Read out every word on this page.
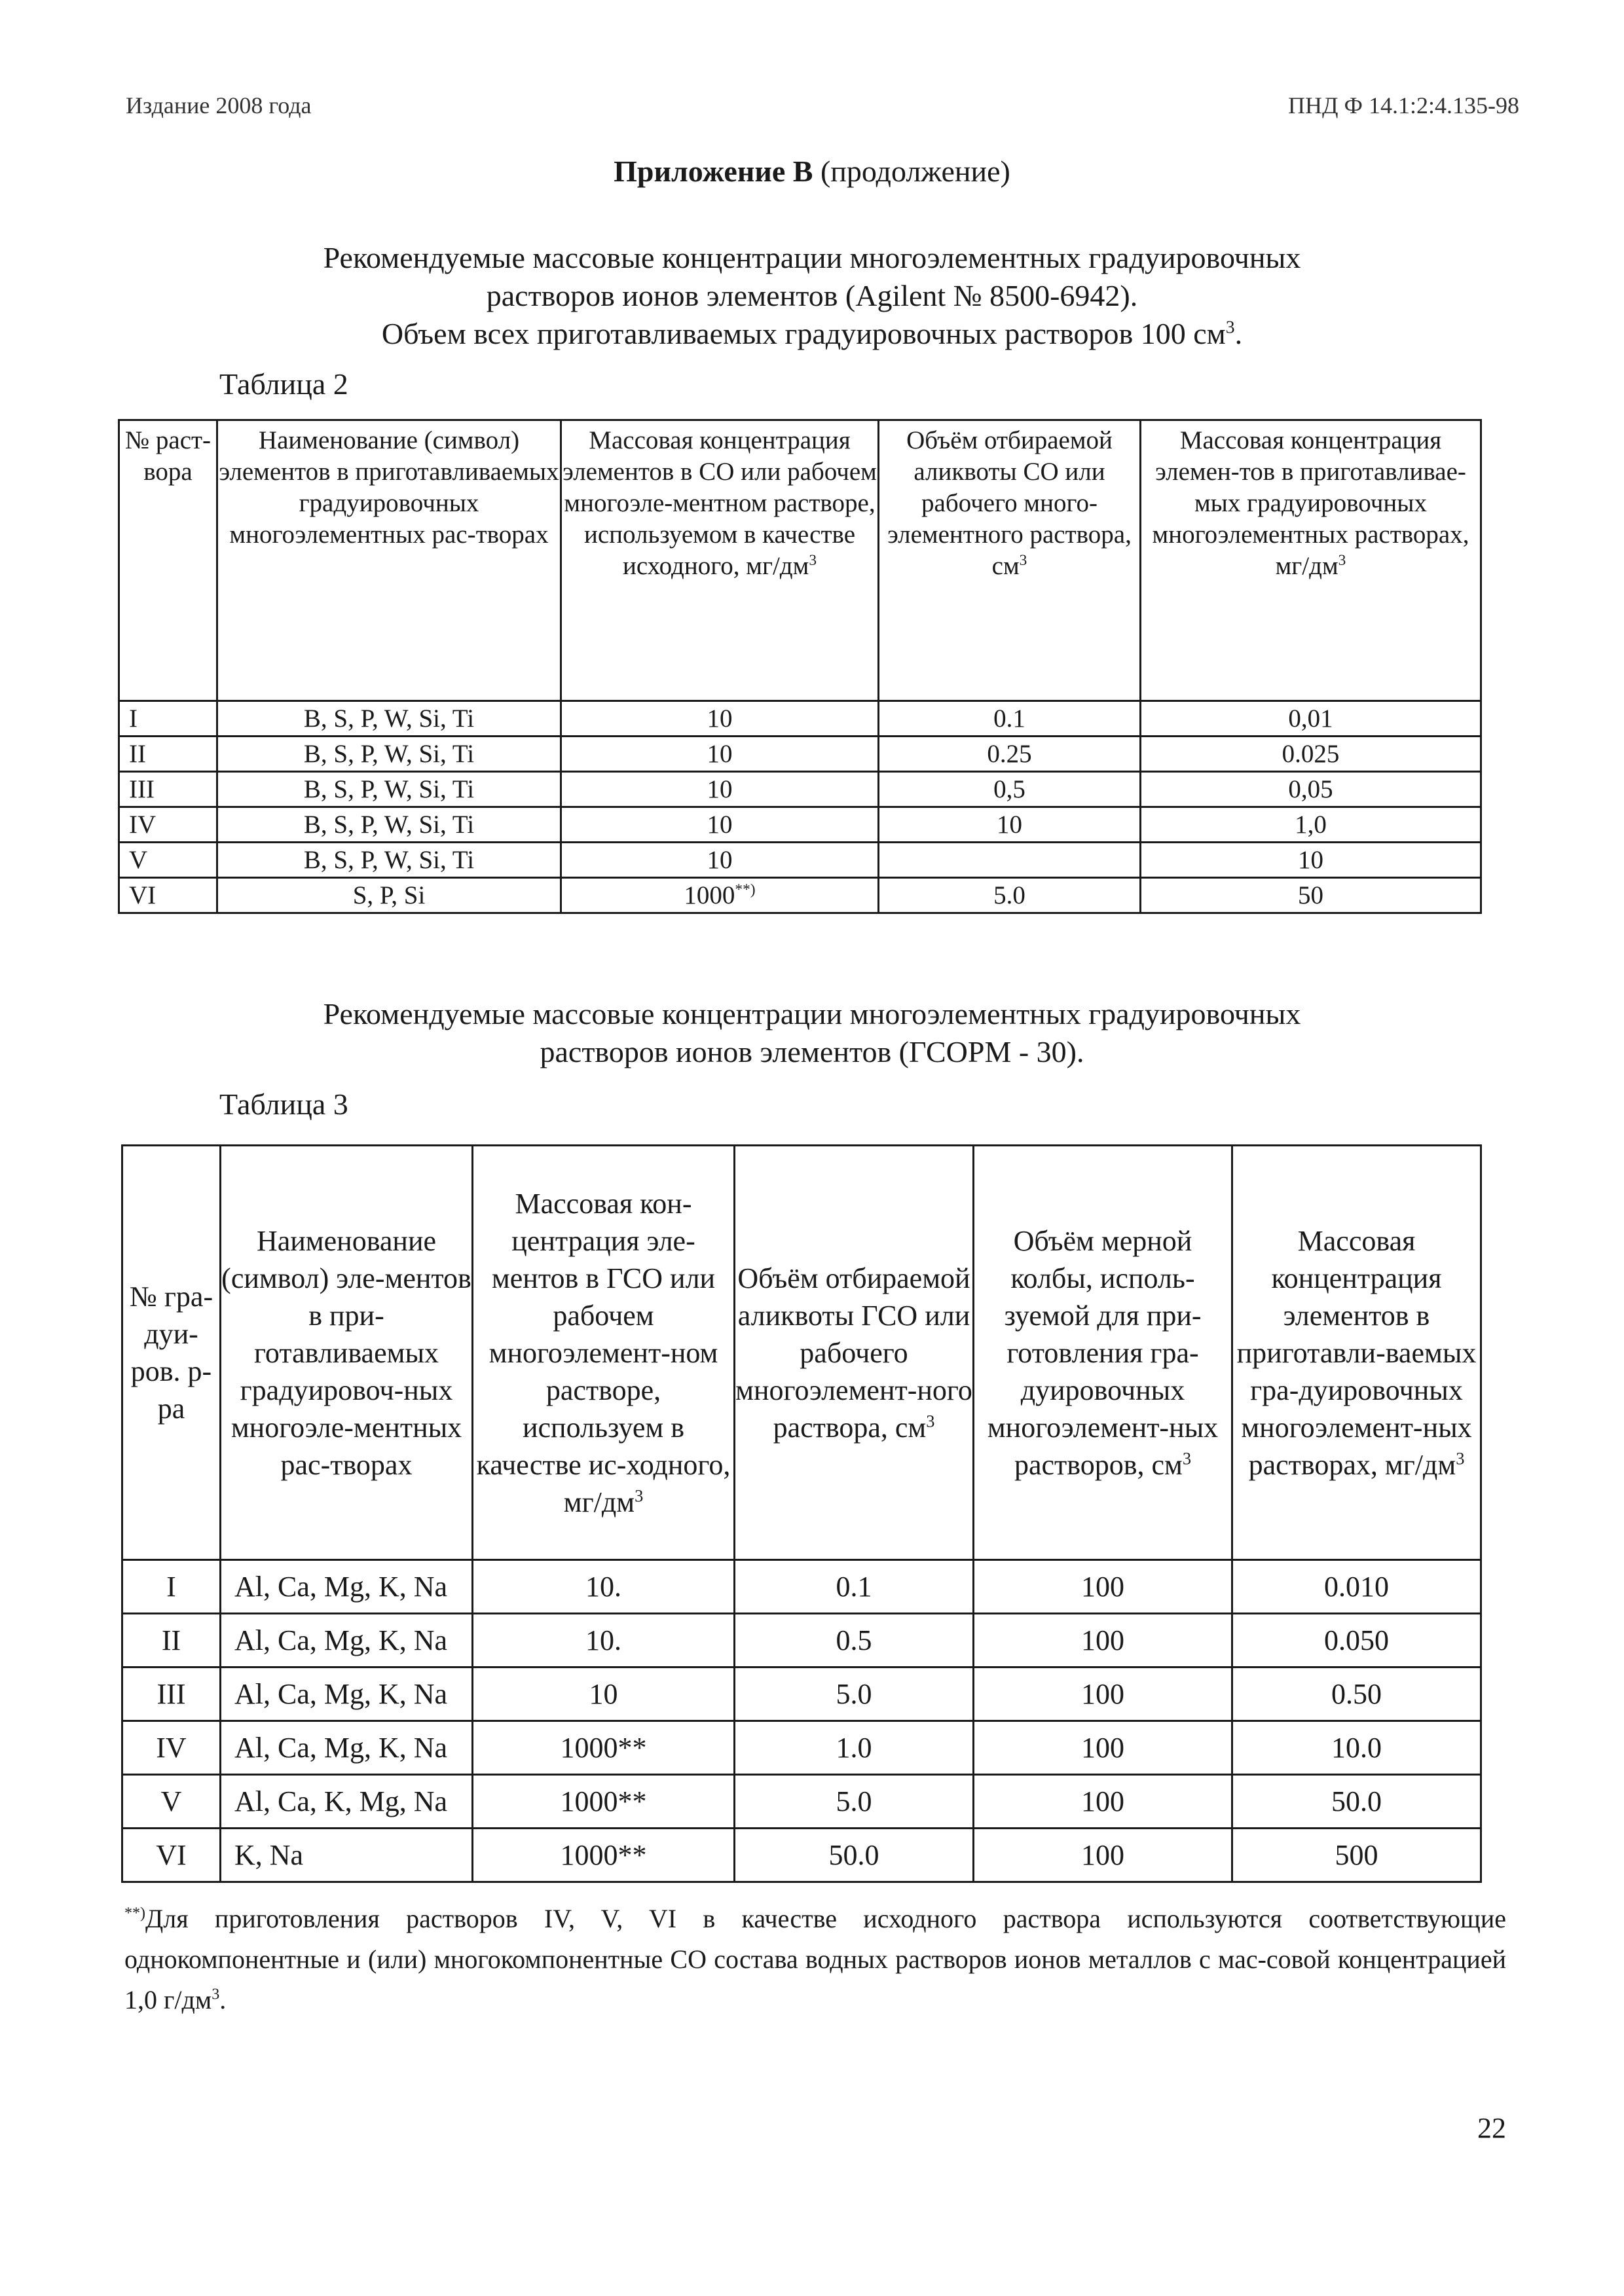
Издание 2008 года	ПНД Ф 14.1:2:4.135-98
Приложение В (продолжение)
Рекомендуемые массовые концентрации многоэлементных градуировочных
растворов ионов элементов (Agilent № 8500-6942).
Объем всех приготавливаемых градуировочных растворов 100 $см^3$.
Таблица 2
№ раст-вора	Наименование (символ) элементов в приготавливаемых градуировочных многоэлементных рас-творах	Массовая концентрация элементов в СО или рабочем многоэле-ментном растворе, используемом в качестве исходного, $мг/дм^3$	Объём отбираемой аликвоты СО или рабочего много-элементного раствора, $см^3$	Массовая концентрация элемен-тов в приготавливае-мых градуировочных многоэлементных растворах, $мг/дм^3$
I	B, S, P, W, Si, Ti	10	0.1	0,01
II	B, S, P, W, Si, Ti	10	0.25	0.025
III	B, S, P, W, Si, Ti	10	0,5	0,05
IV	B, S, P, W, Si, Ti	10	10	1,0
V	B, S, P, W, Si, Ti	10		10
VI	S, P, Si	1000**)	5.0	50
Рекомендуемые массовые концентрации многоэлементных градуировочных
растворов ионов элементов (ГСОРМ - 30).
Таблица 3
№ гра-дуи-ров. р-ра	Наименование (символ) эле-ментов в при-готавливаемых градуировоч-ных многоэле-ментных рас-творах	Массовая кон-центрация эле-ментов в ГСО или рабочем многоэлемент-ном растворе, используем в качестве ис-ходного, $мг/дм^3$	Объём отбираемой аликвоты ГСО или рабочего многоэлемент-ного раствора, $см^3$	Объём мерной колбы, исполь-зуемой для при-готовления гра-дуировочных многоэлемент-ных растворов, $см^3$	Массовая концентрация элементов в приготавли-ваемых гра-дуировочных многоэлемент-ных растворах, $мг/дм^3$
I	Al, Ca, Mg, K, Na	10.	0.1	100	0.010
II	Al, Ca, Mg, K, Na	10.	0.5	100	0.050
III	Al, Ca, Mg, K, Na	10	5.0	100	0.50
IV	Al, Ca, Mg, K, Na	1000**	1.0	100	10.0
V	Al, Ca, K, Mg, Na	1000**	5.0	100	50.0
VI	K, Na	1000**	50.0	100	500
**)Для приготовления растворов IV, V, VI в качестве исходного раствора используются соответствующие однокомпонентные и (или) многокомпонентные СО состава водных растворов ионов металлов с мас-совой концентрацией 1,0 $г/дм^3$.
22
